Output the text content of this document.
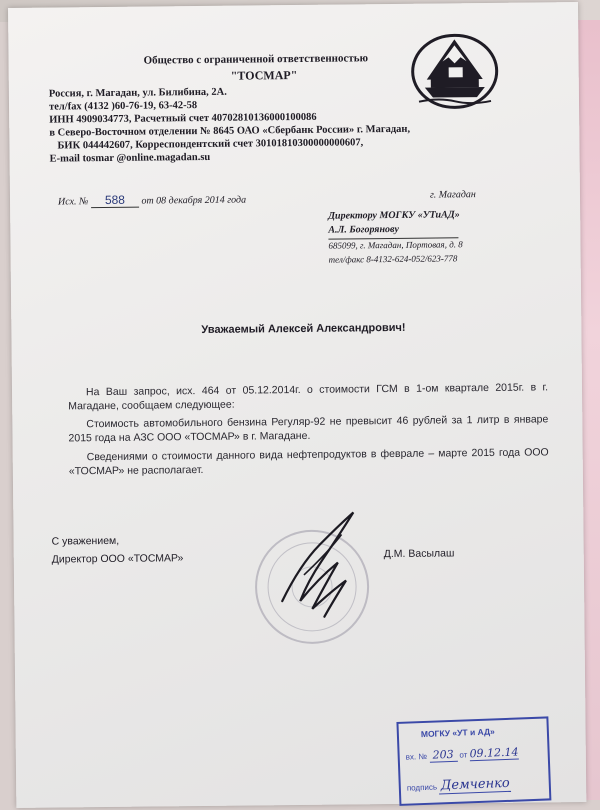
Общество с ограниченной ответственностью
"ТОСМАР"
Россия, г. Магадан, ул. Билибина, 2А.
тел/fax (4132 )60-76-19, 63-42-58
ИНН 4909034773, Расчетный счет 40702810136000100086
в Северо-Восточном отделении № 8645 ОАО «Сбербанк России» г. Магадан,
БИК 044442607, Корреспондентский счет 30101810300000000607,
E-mail tosmar @online.magadan.su
Исх. № 588 от 08 декабря 2014 года	г. Магадан
Директору МОГКУ «УТиАД»
А.Л. Богоряновy
685099, г. Магадан, Портовая, д. 8
тел/факс 8-4132-624-052/623-778
Уважаемый Алексей Александрович!
На Ваш запрос, исх. 464 от 05.12.2014г. о стоимости ГСМ в 1-ом квартале 2015г. в г. Магадане, сообщаем следующее:
Стоимость автомобильного бензина Регуляр-92 не превысит 46 рублей за 1 литр в январе 2015 года на АЗС ООО «ТОСМАР» в г. Магадане.
Сведениями о стоимости данного вида нефтепродуктов в феврале – марте 2015 года ООО «ТОСМАР» не располагает.
С уважением,
Директор ООО «ТОСМАР»	Д.М. Васылаш
МОГКУ «УТ и АД»
вх. № 203 от 09.12.14
подпись Демченко
